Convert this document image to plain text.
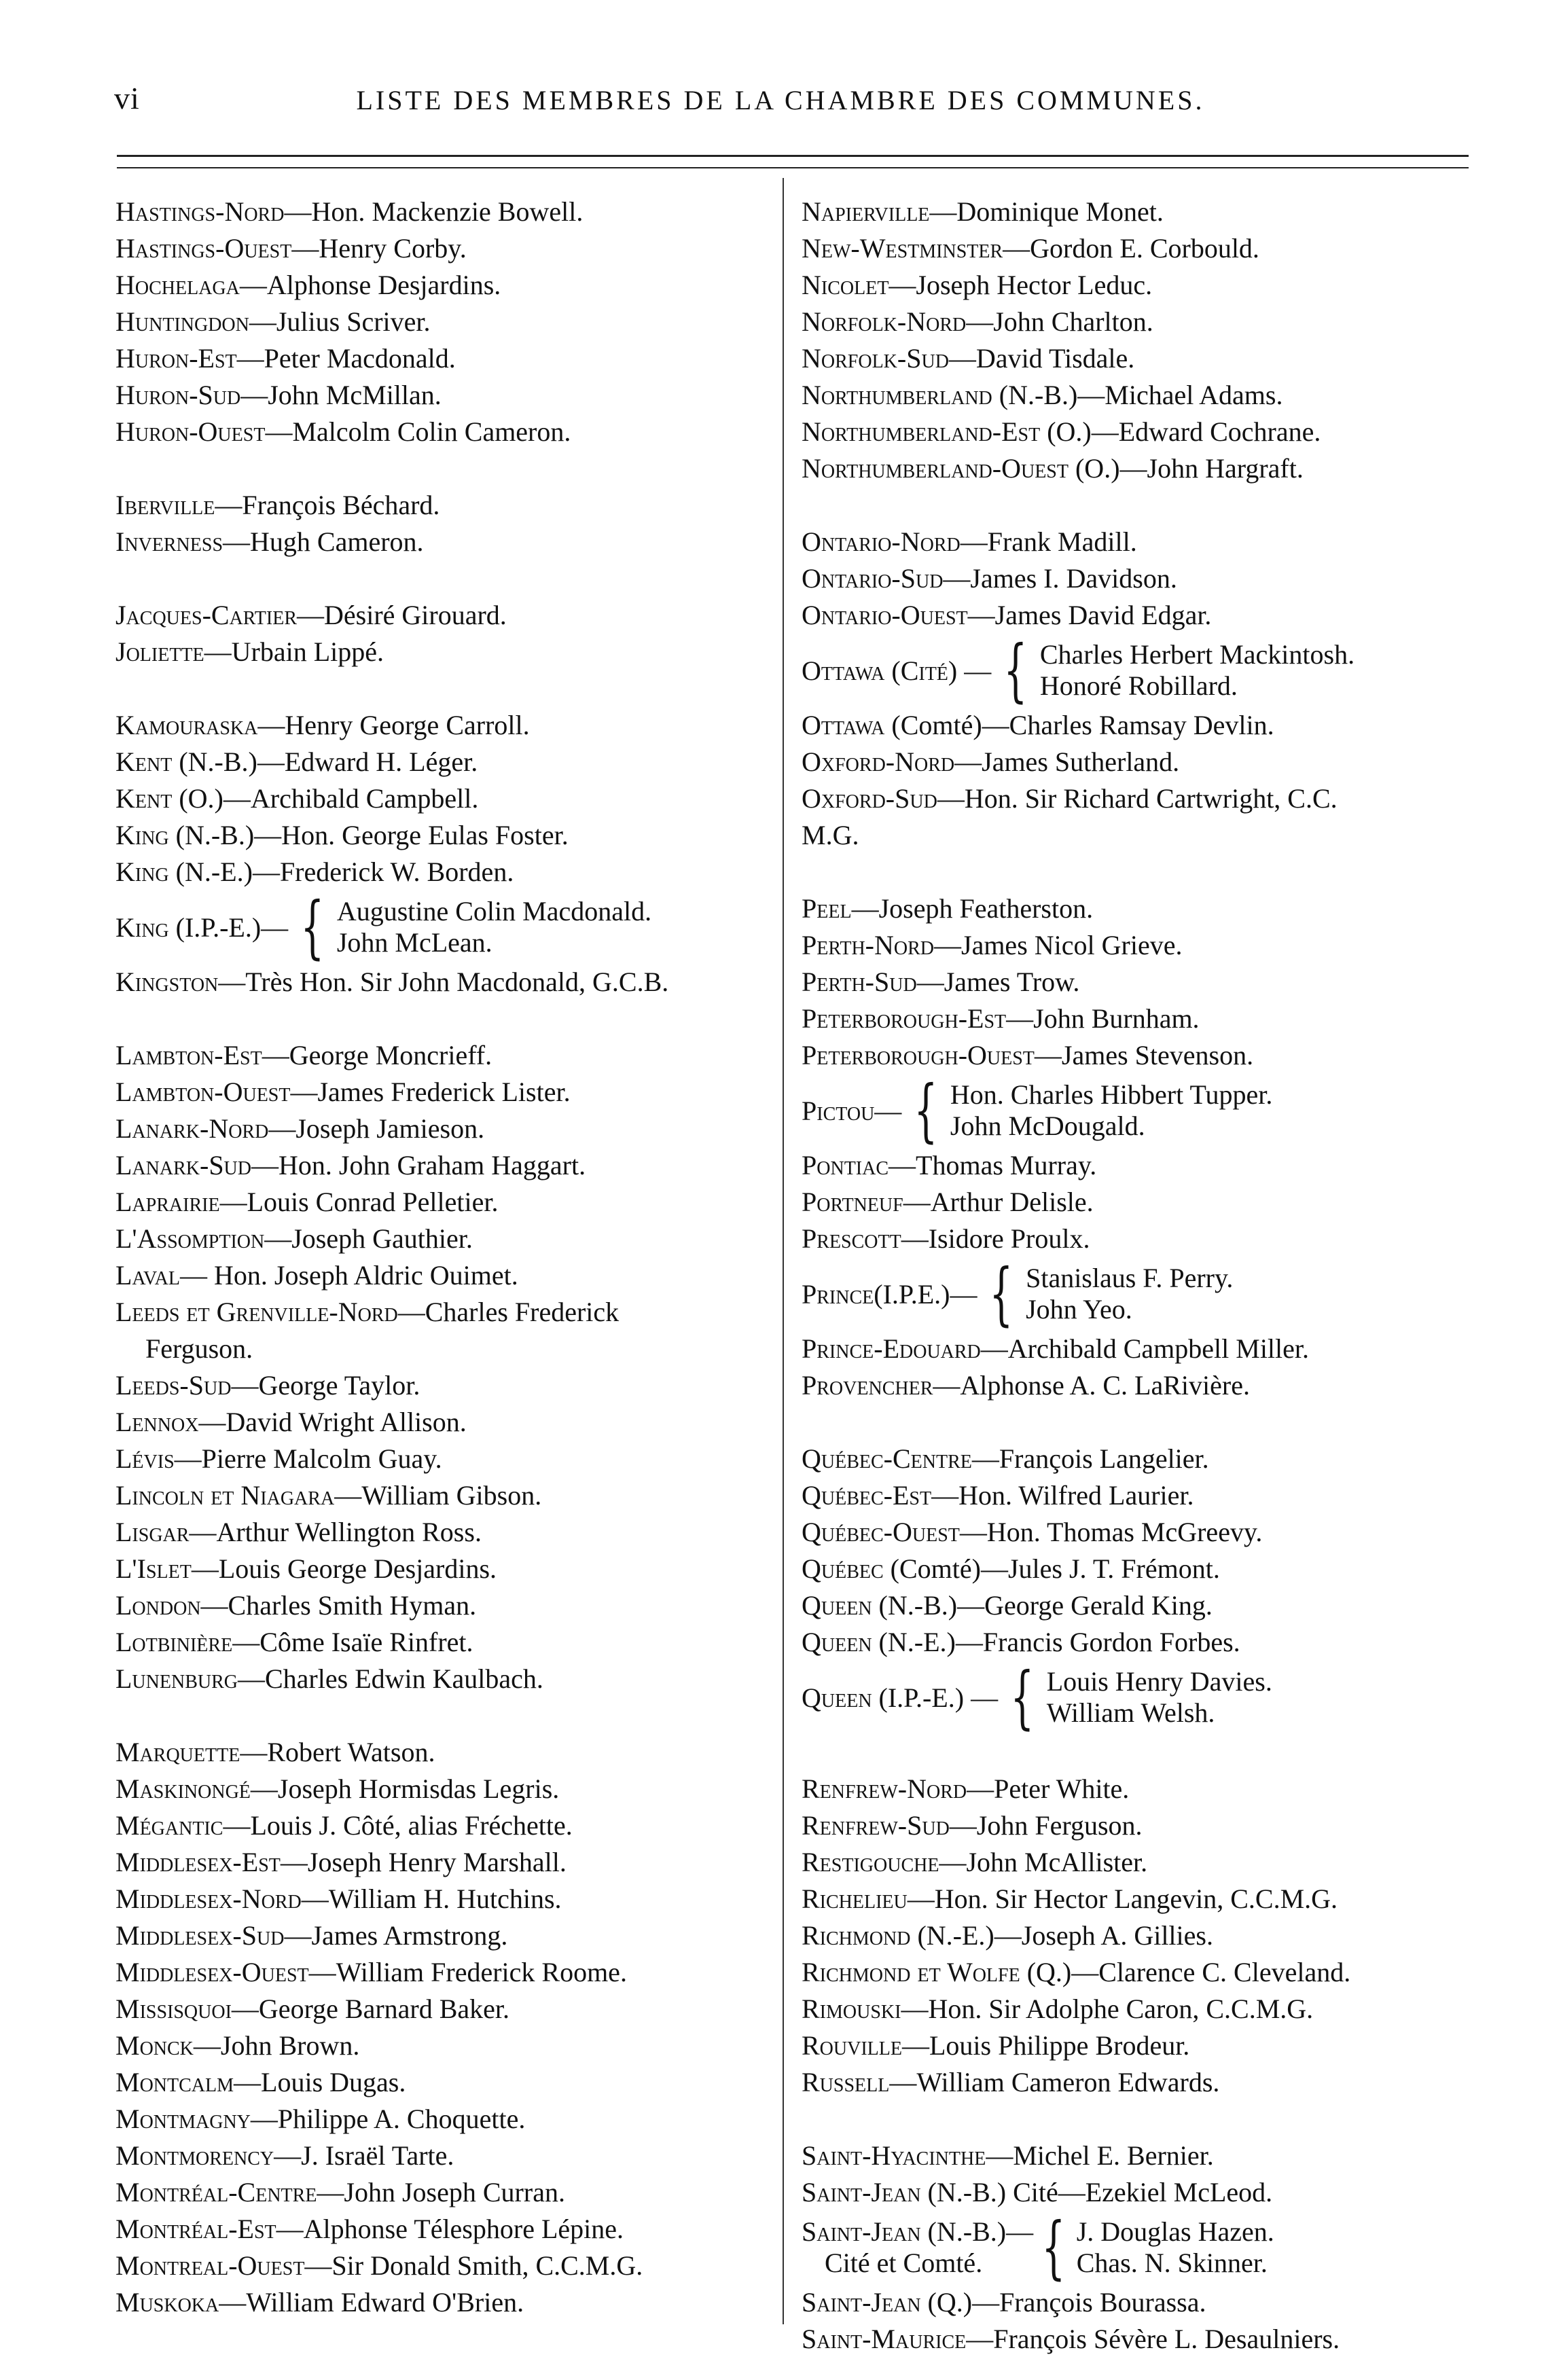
vi	LISTE DES MEMBRES DE LA CHAMBRE DES COMMUNES.
Hastings-Nord—Hon. Mackenzie Bowell.
Hastings-Ouest—Henry Corby.
Hochelaga—Alphonse Desjardins.
Huntingdon—Julius Scriver.
Huron-Est—Peter Macdonald.
Huron-Sud—John McMillan.
Huron-Ouest—Malcolm Colin Cameron.
Iberville—François Béchard.
Inverness—Hugh Cameron.
Jacques-Cartier—Désiré Girouard.
Joliette—Urbain Lippé.
Kamouraska—Henry George Carroll.
Kent (N.-B.)—Edward H. Léger.
Kent (O.)—Archibald Campbell.
King (N.-B.)—Hon. George Eulas Foster.
King (N.-E.)—Frederick W. Borden.
King (I.P.-E.)— { Augustine Colin Macdonald.
John McLean.
Kingston—Très Hon. Sir John Macdonald, G.C.B.
Lambton-Est—George Moncrieff.
Lambton-Ouest—James Frederick Lister.
Lanark-Nord—Joseph Jamieson.
Lanark-Sud—Hon. John Graham Haggart.
Laprairie—Louis Conrad Pelletier.
L'Assomption—Joseph Gauthier.
Laval— Hon. Joseph Aldric Ouimet.
Leeds et Grenville-Nord—Charles Frederick
Ferguson.
Leeds-Sud—George Taylor.
Lennox—David Wright Allison.
Lévis—Pierre Malcolm Guay.
Lincoln et Niagara—William Gibson.
Lisgar—Arthur Wellington Ross.
L'Islet—Louis George Desjardins.
London—Charles Smith Hyman.
Lotbinière—Côme Isaïe Rinfret.
Lunenburg—Charles Edwin Kaulbach.
Marquette—Robert Watson.
Maskinongé—Joseph Hormisdas Legris.
Mégantic—Louis J. Côté, alias Fréchette.
Middlesex-Est—Joseph Henry Marshall.
Middlesex-Nord—William H. Hutchins.
Middlesex-Sud—James Armstrong.
Middlesex-Ouest—William Frederick Roome.
Missisquoi—George Barnard Baker.
Monck—John Brown.
Montcalm—Louis Dugas.
Montmagny—Philippe A. Choquette.
Montmorency—J. Israël Tarte.
Montréal-Centre—John Joseph Curran.
Montréal-Est—Alphonse Télesphore Lépine.
Montreal-Ouest—Sir Donald Smith, C.C.M.G.
Muskoka—William Edward O'Brien.
Napierville—Dominique Monet.
New-Westminster—Gordon E. Corbould.
Nicolet—Joseph Hector Leduc.
Norfolk-Nord—John Charlton.
Norfolk-Sud—David Tisdale.
Northumberland (N.-B.)—Michael Adams.
Northumberland-Est (O.)—Edward Cochrane.
Northumberland-Ouest (O.)—John Hargraft.
Ontario-Nord—Frank Madill.
Ontario-Sud—James I. Davidson.
Ontario-Ouest—James David Edgar.
Ottawa (Cité) — { Charles Herbert Mackintosh.
Honoré Robillard.
Ottawa (Comté)—Charles Ramsay Devlin.
Oxford-Nord—James Sutherland.
Oxford-Sud—Hon. Sir Richard Cartwright, C.C.
M.G.
Peel—Joseph Featherston.
Perth-Nord—James Nicol Grieve.
Perth-Sud—James Trow.
Peterborough-Est—John Burnham.
Peterborough-Ouest—James Stevenson.
Pictou— { Hon. Charles Hibbert Tupper.
John McDougald.
Pontiac—Thomas Murray.
Portneuf—Arthur Delisle.
Prescott—Isidore Proulx.
Prince(I.P.E.)— { Stanislaus F. Perry.
John Yeo.
Prince-Edouard—Archibald Campbell Miller.
Provencher—Alphonse A. C. LaRivière.
Québec-Centre—François Langelier.
Québec-Est—Hon. Wilfred Laurier.
Québec-Ouest—Hon. Thomas McGreevy.
Québec (Comté)—Jules J. T. Frémont.
Queen (N.-B.)—George Gerald King.
Queen (N.-E.)—Francis Gordon Forbes.
Queen (I.P.-E.) — { Louis Henry Davies.
William Welsh.
Renfrew-Nord—Peter White.
Renfrew-Sud—John Ferguson.
Restigouche—John McAllister.
Richelieu—Hon. Sir Hector Langevin, C.C.M.G.
Richmond (N.-E.)—Joseph A. Gillies.
Richmond et Wolfe (Q.)—Clarence C. Cleveland.
Rimouski—Hon. Sir Adolphe Caron, C.C.M.G.
Rouville—Louis Philippe Brodeur.
Russell—William Cameron Edwards.
Saint-Hyacinthe—Michel E. Bernier.
Saint-Jean (N.-B.) Cité—Ezekiel McLeod.
Saint-Jean (N.-B.)—
Cité et Comté. { J. Douglas Hazen.
Chas. N. Skinner.
Saint-Jean (Q.)—François Bourassa.
Saint-Maurice—François Sévère L. Desaulniers.
